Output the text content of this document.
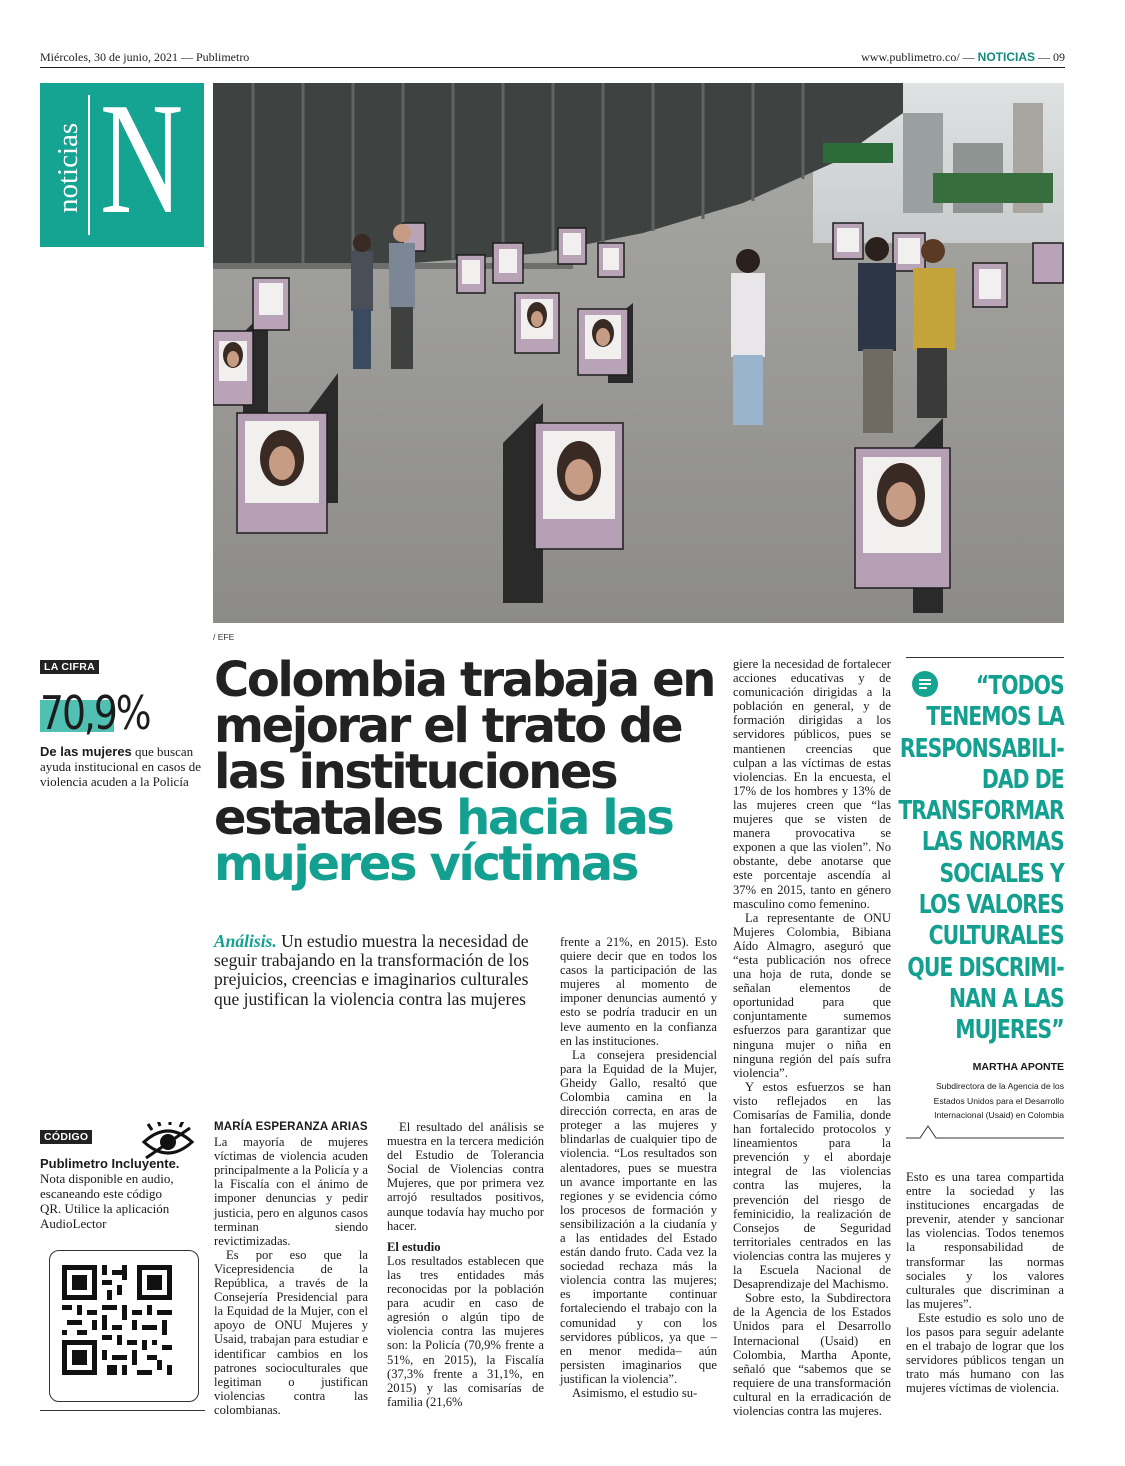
Miércoles, 30 de junio, 2021 — Publimetro	www.publimetro.co/ — NOTICIAS — 09
noticias N
/ EFE
LA CIFRA
70,9%
De las mujeres que buscan ayuda institucional en casos de violencia acuden a la Policía

Colombia trabaja en mejorar el trato de las instituciones estatales hacia las mujeres víctimas

Análisis. Un estudio muestra la necesidad de seguir trabajando en la transformación de los prejuicios, creencias e imaginarios culturales que justifican la violencia contra las mujeres
CÓDIGO
Publimetro Incluyente. Nota disponible en audio, escaneando este código QR. Utilice la aplicación AudioLector

MARÍA ESPERANZA ARIAS

La mayoría de mujeres víctimas de violencia acuden principalmente a la Policía y a la Fiscalía con el ánimo de imponer denuncias y pedir justicia, pero en algunos casos terminan siendo revictimizadas.

Es por eso que la Vicepresidencia de la República, a través de la Consejería Presidencial para la Equidad de la Mujer, con el apoyo de ONU Mujeres y Usaid, trabajan para estudiar e identificar cambios en los patrones socioculturales que legitiman o justifican violencias contra las colombianas.

El resultado del análisis se muestra en la tercera medición del Estudio de Tolerancia Social de Violencias contra Mujeres, que por primera vez arrojó resultados positivos, aunque todavía hay mucho por hacer.

El estudio

Los resultados establecen que las tres entidades más reconocidas por la población para acudir en caso de agresión o algún tipo de violencia contra las mujeres son: la Policía (70,9% frente a 51%, en 2015), la Fiscalía (37,3% frente a 31,1%, en 2015) y las comisarías de familia (21,6%

frente a 21%, en 2015). Esto quiere decir que en todos los casos la participación de las mujeres al momento de imponer denuncias aumentó y esto se podría traducir en un leve aumento en la confianza en las instituciones.

La consejera presidencial para la Equidad de la Mujer, Gheidy Gallo, resaltó que Colombia camina en la dirección correcta, en aras de proteger a las mujeres y blindarlas de cualquier tipo de violencia. “Los resultados son alentadores, pues se muestra un avance importante en las regiones y se evidencia cómo los procesos de formación y sensibilización a la ciudanía y a las entidades del Estado están dando fruto. Cada vez la sociedad rechaza más la violencia contra las mujeres; es importante continuar fortaleciendo el trabajo con la comunidad y con los servidores públicos, ya que –en menor medida– aún persisten imaginarios que justifican la violencia”.

Asimismo, el estudio su-

giere la necesidad de fortalecer acciones educativas y de comunicación dirigidas a la población en general, y de formación dirigidas a los servidores públicos, pues se mantienen creencias que culpan a las víctimas de estas violencias. En la encuesta, el 17% de los hombres y 13% de las mujeres creen que “las mujeres que se visten de manera provocativa se exponen a que las violen”. No obstante, debe anotarse que este porcentaje ascendía al 37% en 2015, tanto en género masculino como femenino.

La representante de ONU Mujeres Colombia, Bibiana Aído Almagro, aseguró que “esta publicación nos ofrece una hoja de ruta, donde se señalan elementos de oportunidad para que conjuntamente sumemos esfuerzos para garantizar que ninguna mujer o niña en ninguna región del país sufra violencia”.

Y estos esfuerzos se han visto reflejados en las Comisarías de Familia, donde han fortalecido protocolos y lineamientos para la prevención y el abordaje integral de las violencias contra las mujeres, la prevención del riesgo de feminicidio, la realización de Consejos de Seguridad territoriales centrados en las violencias contra las mujeres y la Escuela Nacional de Desaprendizaje del Machismo.

Sobre esto, la Subdirectora de la Agencia de los Estados Unidos para el Desarrollo Internacional (Usaid) en Colombia, Martha Aponte, señaló que “sabemos que se requiere de una transformación cultural en la erradicación de violencias contra las mujeres.

“TODOS
TENEMOS LA
RESPONSABILI-
DAD DE
TRANSFORMAR
LAS NORMAS
SOCIALES Y
LOS VALORES
CULTURALES
QUE DISCRIMI-
NAN A LAS
MUJERES”
MARTHA APONTE
Subdirectora de la Agencia de los Estados Unidos para el Desarrollo Internacional (Usaid) en Colombia

Esto es una tarea compartida entre la sociedad y las instituciones encargadas de prevenir, atender y sancionar las violencias. Todos tenemos la responsabilidad de transformar las normas sociales y los valores culturales que discriminan a las mujeres”.

Este estudio es solo uno de los pasos para seguir adelante en el trabajo de lograr que los servidores públicos tengan un trato más humano con las mujeres víctimas de violencia.
